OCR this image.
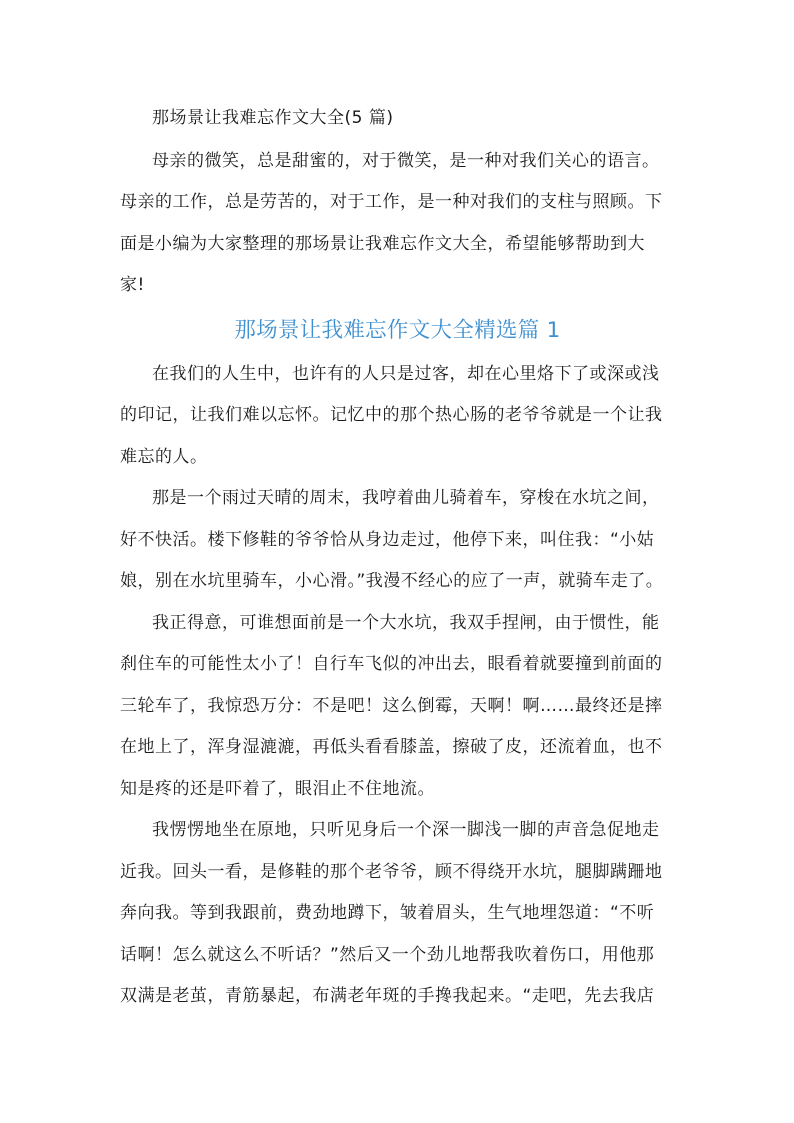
那场景让我难忘作文大全(5 篇)
母亲的微笑，总是甜蜜的，对于微笑，是一种对我们关心的语言。
母亲的工作，总是劳苦的，对于工作，是一种对我们的支柱与照顾。下
面是小编为大家整理的那场景让我难忘作文大全，希望能够帮助到大
家!
那场景让我难忘作文大全精选篇 1
在我们的人生中，也许有的人只是过客，却在心里烙下了或深或浅
的印记，让我们难以忘怀。记忆中的那个热心肠的老爷爷就是一个让我
难忘的人。
那是一个雨过天晴的周末，我哼着曲儿骑着车，穿梭在水坑之间，
好不快活。楼下修鞋的爷爷恰从身边走过，他停下来，叫住我：“小姑
娘，别在水坑里骑车，小心滑。”我漫不经心的应了一声，就骑车走了。
我正得意，可谁想面前是一个大水坑，我双手捏闸，由于惯性，能
刹住车的可能性太小了！自行车飞似的冲出去，眼看着就要撞到前面的
三轮车了，我惊恐万分：不是吧！这么倒霉，天啊！啊……最终还是摔
在地上了，浑身湿漉漉，再低头看看膝盖，擦破了皮，还流着血，也不
知是疼的还是吓着了，眼泪止不住地流。
我愣愣地坐在原地，只听见身后一个深一脚浅一脚的声音急促地走
近我。回头一看，是修鞋的那个老爷爷，顾不得绕开水坑，腿脚蹒跚地
奔向我。等到我跟前，费劲地蹲下，皱着眉头，生气地埋怨道：“不听
话啊！怎么就这么不听话？”然后又一个劲儿地帮我吹着伤口，用他那
双满是老茧，青筋暴起，布满老年斑的手搀我起来。“走吧，先去我店
